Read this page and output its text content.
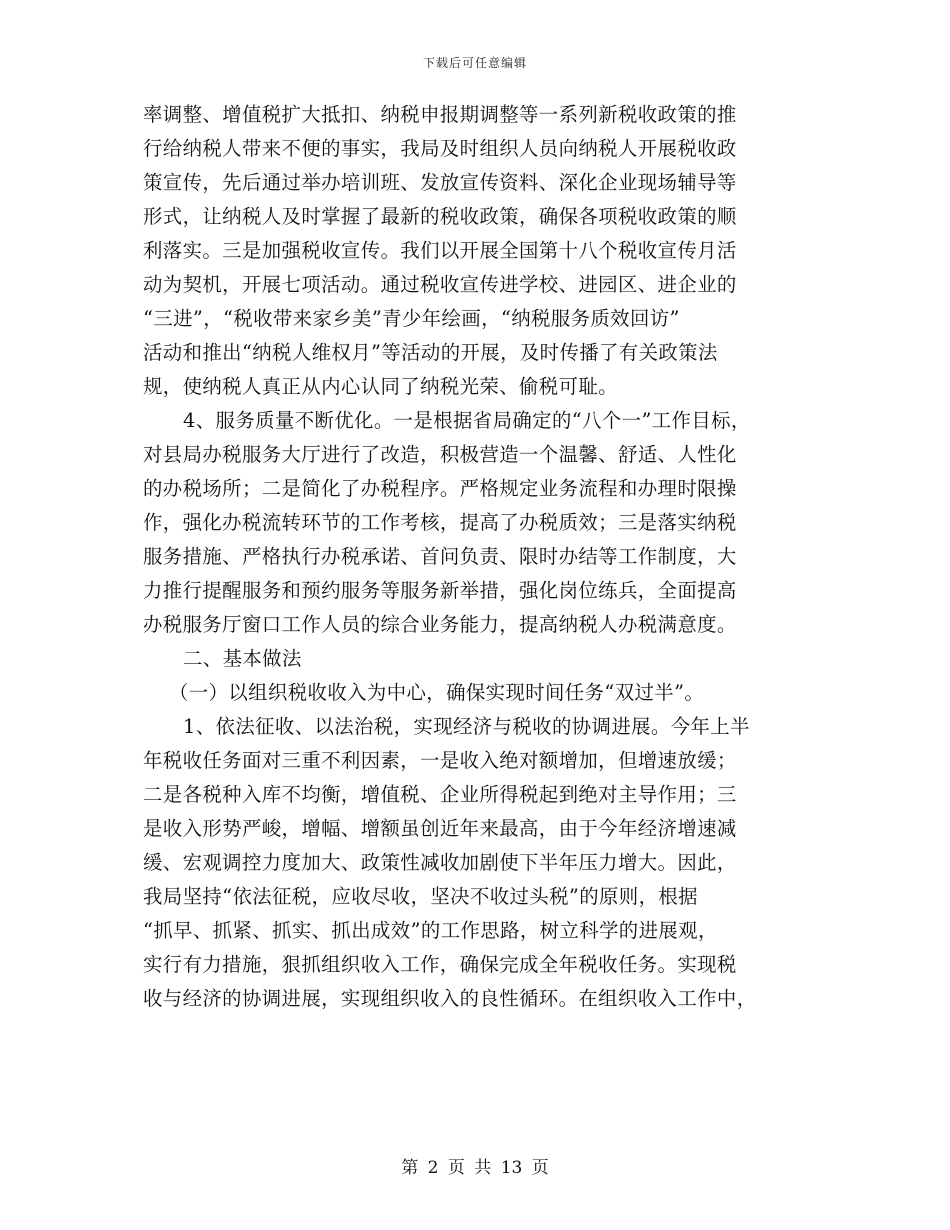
下载后可任意编辑
率调整、增值税扩大抵扣、纳税申报期调整等一系列新税收政策的推
行给纳税人带来不便的事实，我局及时组织人员向纳税人开展税收政
策宣传，先后通过举办培训班、发放宣传资料、深化企业现场辅导等
形式，让纳税人及时掌握了最新的税收政策，确保各项税收政策的顺
利落实。三是加强税收宣传。我们以开展全国第十八个税收宣传月活
动为契机，开展七项活动。通过税收宣传进学校、进园区、进企业的
“三进”，“税收带来家乡美”青少年绘画，“纳税服务质效回访”
活动和推出“纳税人维权月”等活动的开展，及时传播了有关政策法
规，使纳税人真正从内心认同了纳税光荣、偷税可耻。
4、服务质量不断优化。一是根据省局确定的“八个一”工作目标，
对县局办税服务大厅进行了改造，积极营造一个温馨、舒适、人性化
的办税场所；二是简化了办税程序。严格规定业务流程和办理时限操
作，强化办税流转环节的工作考核，提高了办税质效；三是落实纳税
服务措施、严格执行办税承诺、首问负责、限时办结等工作制度，大
力推行提醒服务和预约服务等服务新举措，强化岗位练兵，全面提高
办税服务厅窗口工作人员的综合业务能力，提高纳税人办税满意度。
二、基本做法
（一）以组织税收收入为中心，确保实现时间任务“双过半”。
1、依法征收、以法治税，实现经济与税收的协调进展。今年上半
年税收任务面对三重不利因素，一是收入绝对额增加，但增速放缓；
二是各税种入库不均衡，增值税、企业所得税起到绝对主导作用；三
是收入形势严峻，增幅、增额虽创近年来最高，由于今年经济增速减
缓、宏观调控力度加大、政策性减收加剧使下半年压力增大。因此，
我局坚持“依法征税，应收尽收，坚决不收过头税”的原则，根据
“抓早、抓紧、抓实、抓出成效”的工作思路，树立科学的进展观，
实行有力措施，狠抓组织收入工作，确保完成全年税收任务。实现税
收与经济的协调进展，实现组织收入的良性循环。在组织收入工作中，
第 2 页 共 13 页
